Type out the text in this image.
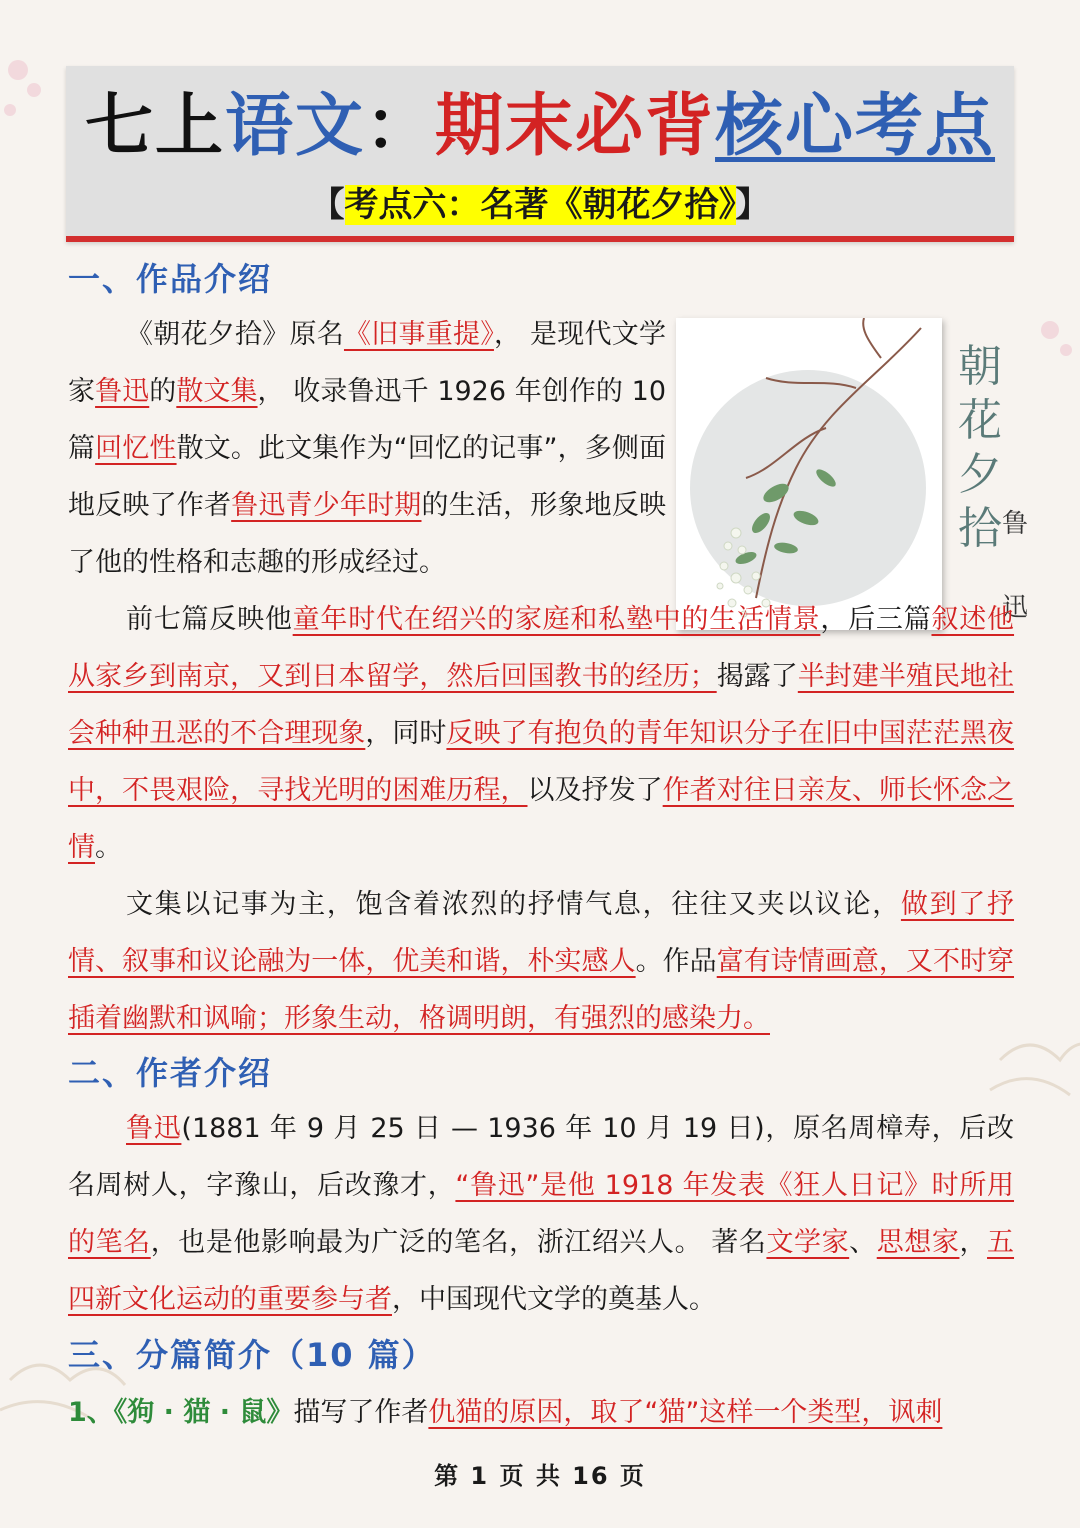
七上语文：期末必背核心考点
【考点六：名著《朝花夕拾》】
一、作品介绍

《朝花夕拾》原名《旧事重提》， 是现代文学家鲁迅的散文集， 收录鲁迅千 1926 年创作的 10 篇回忆性散文。此文集作为“回忆的记事”，多侧面地反映了作者鲁迅青少年时期的生活，形象地反映了他的性格和志趣的形成经过。

朝花夕拾 鲁迅

前七篇反映他童年时代在绍兴的家庭和私塾中的生活情景，后三篇叙述他从家乡到南京，又到日本留学，然后回国教书的经历；揭露了半封建半殖民地社会种种丑恶的不合理现象，同时反映了有抱负的青年知识分子在旧中国茫茫黑夜中，不畏艰险，寻找光明的困难历程，以及抒发了作者对往日亲友、师长怀念之情。

文集以记事为主，饱含着浓烈的抒情气息，往往又夹以议论，做到了抒情、叙事和议论融为一体，优美和谐，朴实感人。作品富有诗情画意，又不时穿插着幽默和讽喻；形象生动，格调明朗，有强烈的感染力。

二、作者介绍

鲁迅(1881 年 9 月 25 日 — 1936 年 10 月 19 日)，原名周樟寿，后改名周树人，字豫山，后改豫才，“鲁迅”是他 1918 年发表《狂人日记》时所用的笔名，也是他影响最为广泛的笔名，浙江绍兴人。 著名文学家、思想家，五四新文化运动的重要参与者，中国现代文学的奠基人。

三、分篇简介（10 篇）
1、《狗 · 猫 · 鼠》描写了作者仇猫的原因，取了“猫”这样一个类型，讽刺
第 1 页 共 16 页
